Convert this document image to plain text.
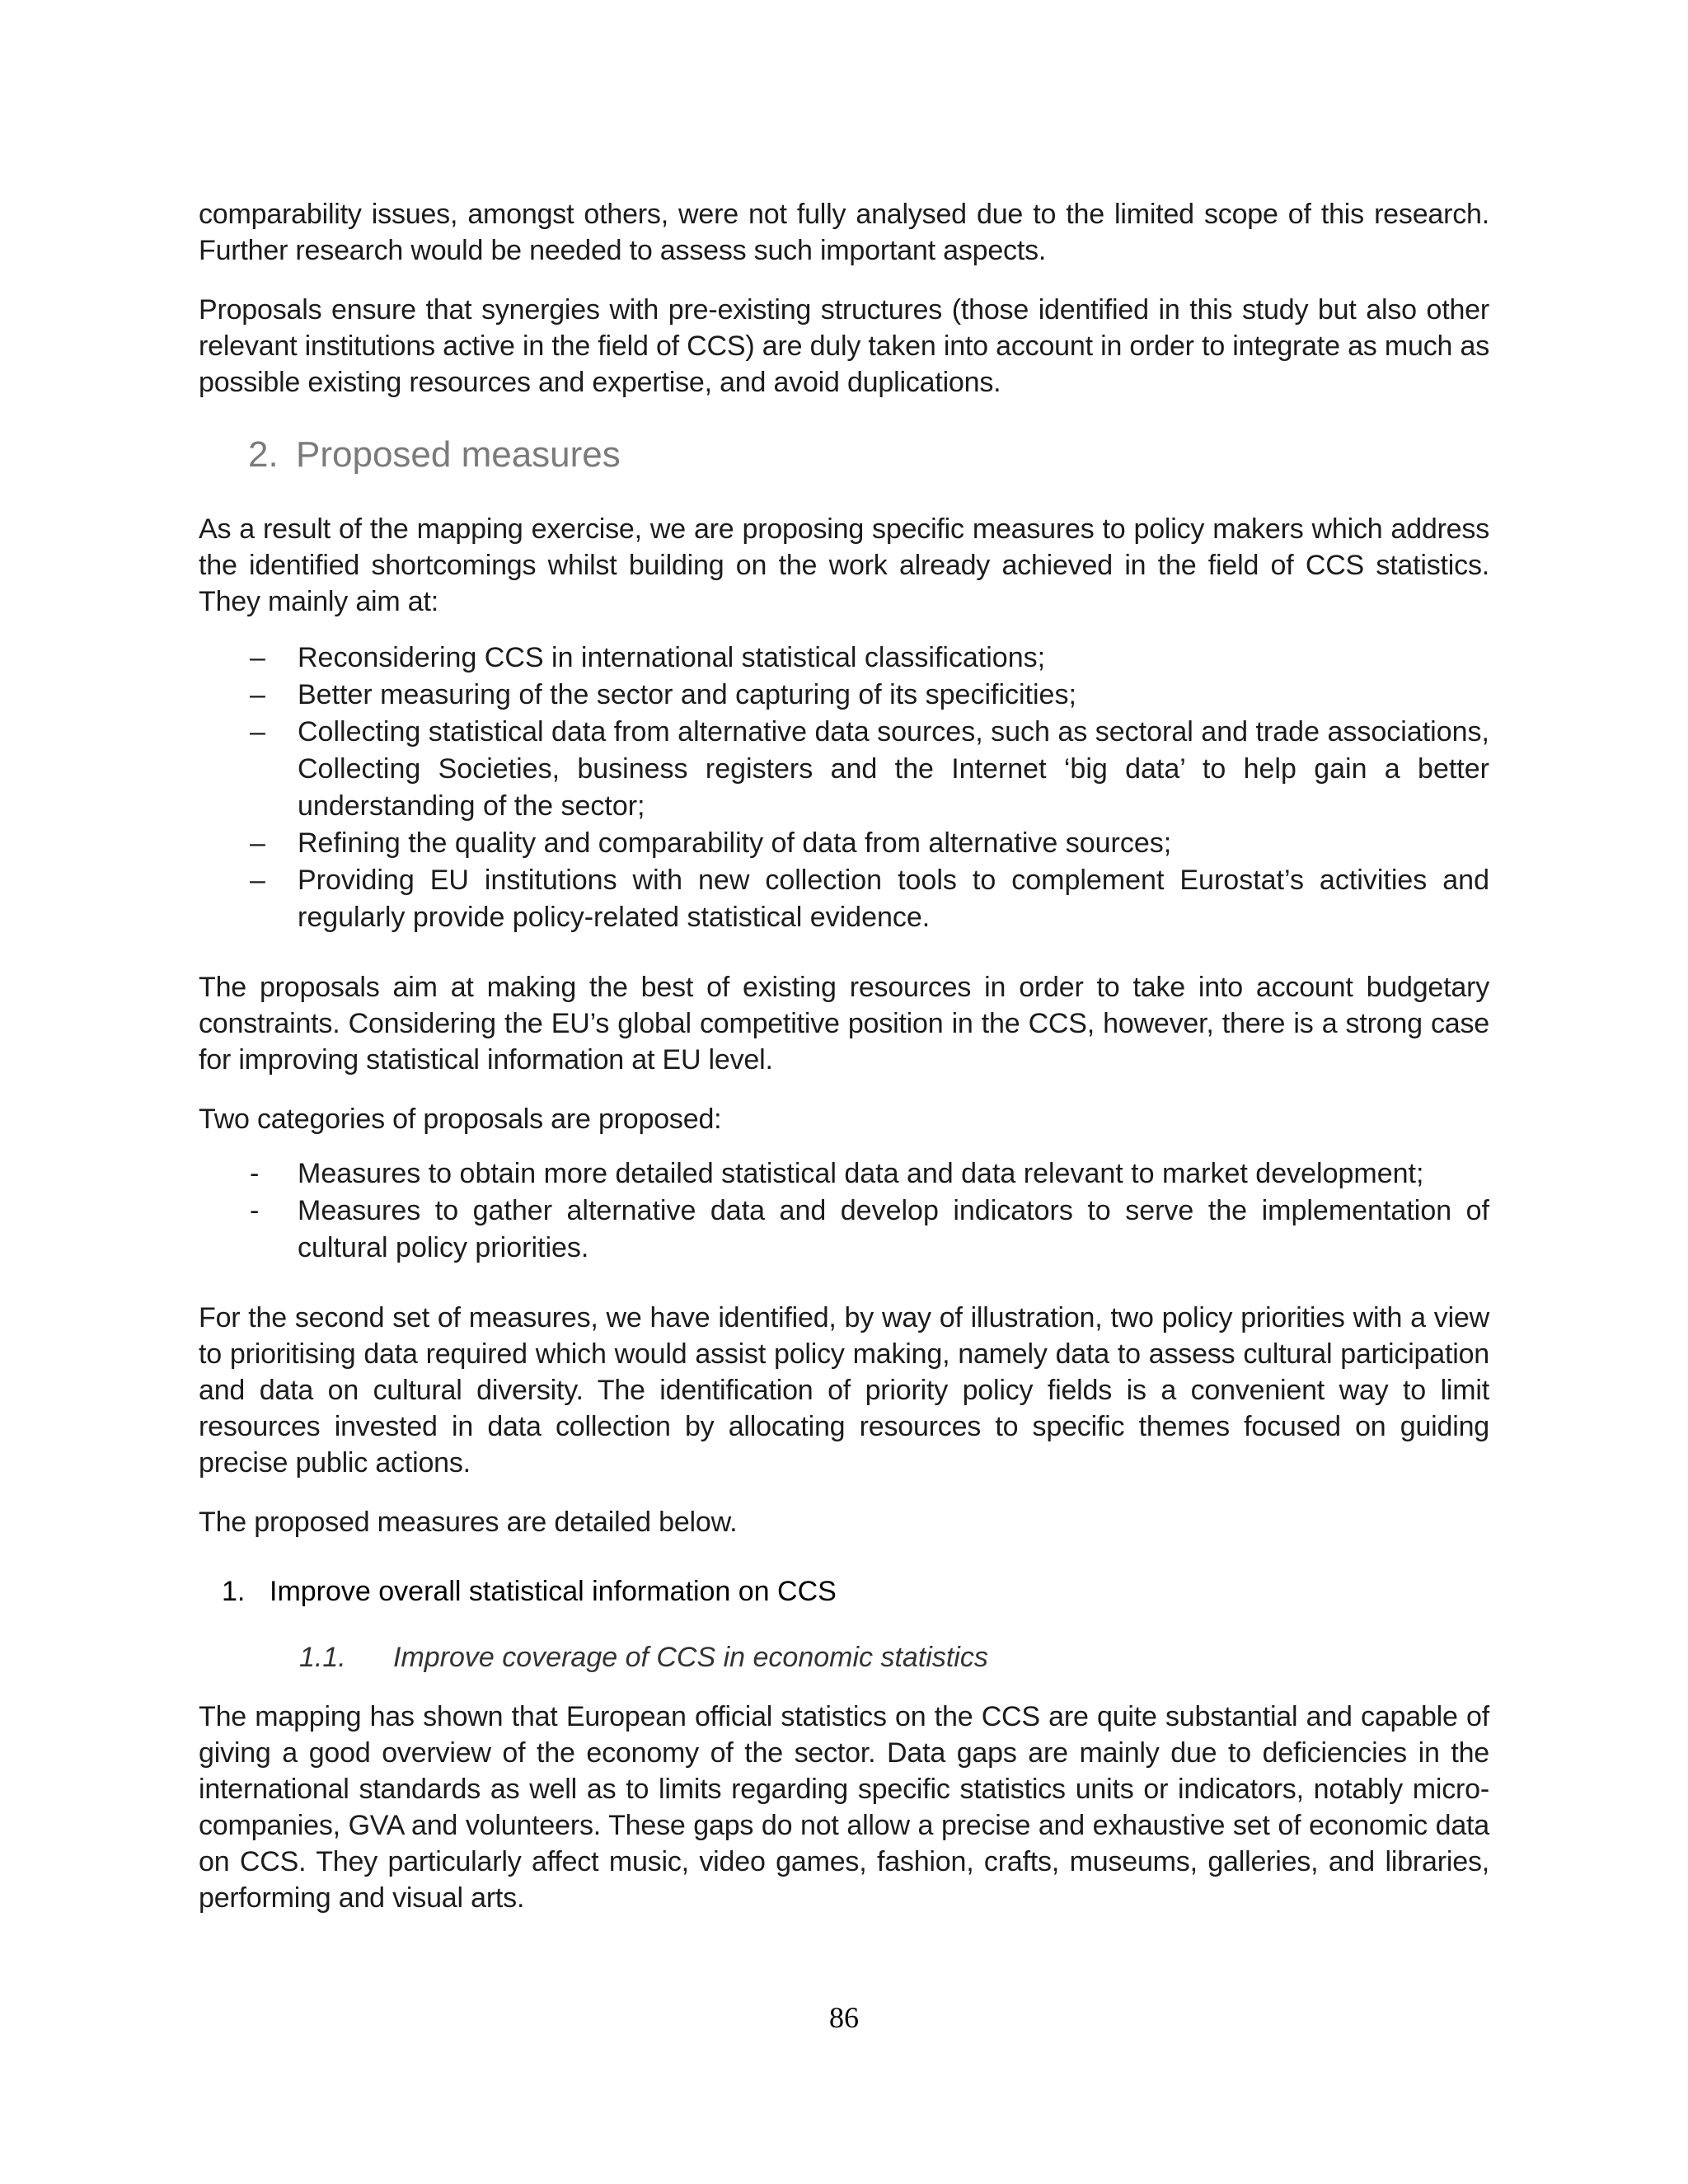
comparability issues, amongst others, were not fully analysed due to the limited scope of this research. Further research would be needed to assess such important aspects.

Proposals ensure that synergies with pre-existing structures (those identified in this study but also other relevant institutions active in the field of CCS) are duly taken into account in order to integrate as much as possible existing resources and expertise, and avoid duplications.

2. Proposed measures

As a result of the mapping exercise, we are proposing specific measures to policy makers which address the identified shortcomings whilst building on the work already achieved in the field of CCS statistics. They mainly aim at:

– Reconsidering CCS in international statistical classifications;
– Better measuring of the sector and capturing of its specificities;
– Collecting statistical data from alternative data sources, such as sectoral and trade associations, Collecting Societies, business registers and the Internet ‘big data’ to help gain a better understanding of the sector;
– Refining the quality and comparability of data from alternative sources;
– Providing EU institutions with new collection tools to complement Eurostat’s activities and regularly provide policy-related statistical evidence.

The proposals aim at making the best of existing resources in order to take into account budgetary constraints. Considering the EU’s global competitive position in the CCS, however, there is a strong case for improving statistical information at EU level.

Two categories of proposals are proposed:

- Measures to obtain more detailed statistical data and data relevant to market development;
- Measures to gather alternative data and develop indicators to serve the implementation of cultural policy priorities.

For the second set of measures, we have identified, by way of illustration, two policy priorities with a view to prioritising data required which would assist policy making, namely data to assess cultural participation and data on cultural diversity. The identification of priority policy fields is a convenient way to limit resources invested in data collection by allocating resources to specific themes focused on guiding precise public actions.

The proposed measures are detailed below.

1. Improve overall statistical information on CCS
1.1.	Improve coverage of CCS in economic statistics

The mapping has shown that European official statistics on the CCS are quite substantial and capable of giving a good overview of the economy of the sector. Data gaps are mainly due to deficiencies in the international standards as well as to limits regarding specific statistics units or indicators, notably micro-companies, GVA and volunteers. These gaps do not allow a precise and exhaustive set of economic data on CCS. They particularly affect music, video games, fashion, crafts, museums, galleries, and libraries, performing and visual arts.

86
